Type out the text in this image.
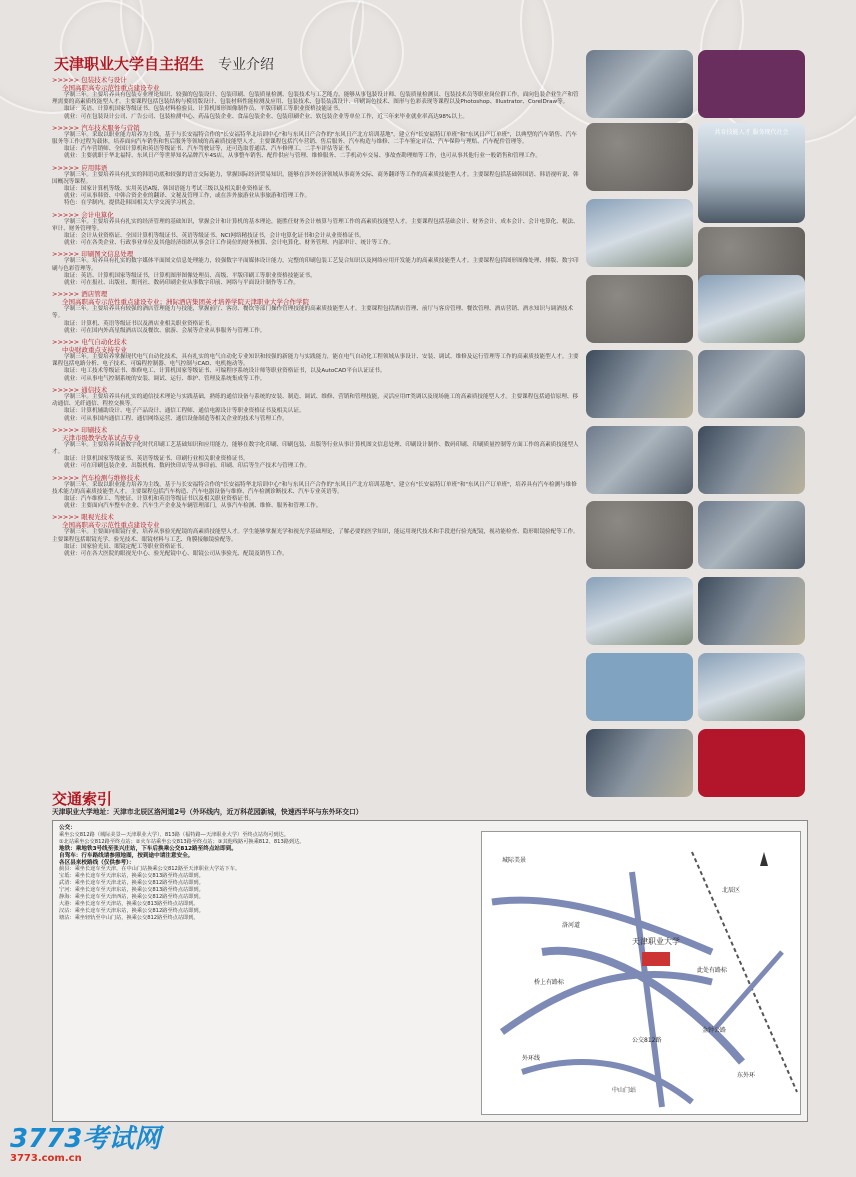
天津职业大学自主招生 专业介绍
>>>>> 包装技术与设计
全国高职高专示范性重点建设专业

学制三年。主要培养具有包装专业理论知识、较强的包装设计、包装印刷、包装质量检测、包装技术与工艺能力，能够从事包装设计师、包装质量检测员、包装技术员等职业岗位群工作，面向包装企业生产和管理需要的高素质技能型人才。主要课程包括包装结构与模切版设计、包装材料性能检测及应用、包装技术、包装装潢设计、印刷调色技术、图形与色彩表现等课程以及Photoshop、Illustrator、CorelDraw等。

取证：英语、计算机国家等级证书、包装材料检验员、计算机图形图像制作员、平版印刷工等职业资格技能证书。

就业：可在包装设计公司、广告公司、包装检测中心、药品包装企业、食品包装企业、包装印刷企业、软包装企业等单位工作，近三年来毕业就业率高达98%以上。

>>>>> 汽车技术服务与营销

学制三年。采取以职业能力培养为主线，基于与长安福特合作的"长安福特华北培训中心"和与东风日产合作的"东风日产北方培训基地"，建立有"长安福特订单班"和"东风日产订单班"，以典型的汽车销售、汽车服务等工作过程为载体，培养面向汽车销售和售后服务等领域的高素质技能型人才。主要课程包括汽车营销、售后服务、汽车构造与维修、二手车鉴定评估、汽车保险与理赔、汽车配件管理等。

取证：汽车营销师、全国计算机和英语等级证书、汽车驾驶证等，还可选取普通话、汽车修理工、二手车评估等证书。

就业：主要就职于华北福特、东风日产等世界知名品牌汽车4S店，从事整车销售、配件供应与管理、维修服务、二手机动车交易、事故查勘理赔等工作，也可从事其他行业一般销售和管理工作。

>>>>> 应用韩语

学制三年。主要培养具有扎实的韩语功底和较强的语言交际能力，掌握国际经济贸易知识，能够在涉外经济领域从事商务交际、商务翻译等工作的高素质技能型人才。主要课程包括基础韩国语、韩语视听说、韩国概况等课程。

取证：国家计算机等级、实用英语A级、韩国语能力考试三级以及相关职业资格证书。

就业：可从事韩资、中韩合资企业的翻译、文秘及管理工作，或在涉外旅游业从事旅游和管理工作。

特色：在学制内，提供赴韩国相关大学交流学习机会。

>>>>> 会计电算化

学制三年。主要培养具有扎实的经济管理的基础知识，掌握会计和计算机的基本理论，能胜任财务会计核算与管理工作的高素质技能型人才。主要课程包括基础会计、财务会计、成本会计、会计电算化、税法、审计、财务管理等。

取证：会计从业资格证、全国计算机等级证书、英语等级证书、NCI网络精技证书，会计电算化证书和会计从业资格证书。

就业：可在各类企业、行政事业单位及其他经济组织从事会计工作岗位的财务核算、会计电算化、财务管理、内部审计、统计等工作。

>>>>> 印刷图文信息处理

学制三年。培养具有扎实的数字媒体平面图文信息处理能力，较强数字平面媒体设计能力，完整的印刷包装工艺复合知识以及网络应用开发能力的高素质技能型人才。主要课程包括图形图像处理、排版、数字印刷与色彩管理等。

取证：英语、计算机国家等级证书，计算机图形图像处理员、高级、平版印刷工等职业资格技能证书。

就业：可在报社、出版社、期刊社、数码印刷企业从事数字印前、网络与平面设计制作等工作。

>>>>> 酒店管理
全国高职高专示范性重点建设专业；洲际酒店集团英才培养学院天津职业大学合作学院

学制三年。主要培养具有较强的酒店管理能力与技能，掌握前厅、客房、餐饮等部门操作管理技能的高素质技能型人才。主要课程包括酒店管理、前厅与客房管理、餐饮管理、酒店营销、酒水知识与调酒技术等。

取证：计算机、英语等级证书以及酒店业相关职业资格证书。

就业：可在国内外高星级酒店以及餐饮、旅游、会展等企业从事服务与管理工作。

>>>>> 电气自动化技术
中央财政重点支持专业

学制三年。主要培养掌握现代电气自动化技术，具有扎实的电气自动化专业知识和较强的新能力与实践能力，能在电气自动化工程领域从事设计、安装、调试、维修及运行管理等工作的高素质技能型人才。主要课程包括电路分析、电子技术、可编程控制器、电气控制与CAD、电机拖动等。

取证：电工技术等级证书、维修电工、计算机国家等级证书、可编程序系统设计师等职业资格证书，以及AutoCAD平台认证证书。

就业：可从事电气控制系统的安装、调试、运行、维护、管理及系统集成等工作。

>>>>> 通信技术

学制三年。主要培养具有扎实的通信技术理论与实践基础，熟练的通信设备与系统的安装、制造、调试、维修、营销和管理技能，灵活应用IT类调以及现场施工的高素质技能型人才。主要课程包括通信原理、移动通信、光纤通信、程控交换等。

取证：计算机辅助设计、电子产品设计、通信工程师、通信电源设计等职业资格证书及相关认证。

就业：可从事国内通信工程、通信网络运营、通信设备制造等相关企业的技术与管理工作。

>>>>> 印刷技术
天津市级教学改革试点专业

学制三年。主要培养具备数字化时代印刷工艺基础知识和应用能力，能够在数字化印刷、印刷包装、出版等行业从事计算机图文信息处理、印刷设计制作、数码印刷、印刷质量控制等方面工作的高素质技能型人才。

取证：计算机国家等级证书、英语等级证书、印刷行业相关职业资格证书。

就业：可在印刷包装企业、出版机构、数码快印店等从事印前、印刷、印后等生产技术与管理工作。

>>>>> 汽车检测与维修技术

学制三年。采取以职业能力培养为主线，基于与长安福特合作的"长安福特华北培训中心"和与东风日产合作的"东风日产北方培训基地"，建立有"长安福特订单班"和"东风日产订单班"，培养具有汽车检测与维修技术能力的高素质技能型人才。主要课程包括汽车构造、汽车电器设备与维修、汽车检测诊断技术、汽车专业英语等。

取证：汽车维修工、驾驶证、计算机和英语等级证书以及相关职业资格证书。

就业：主要面向汽车整车企业、汽车生产企业及车辆管理部门，从事汽车检测、维修、服务和管理工作。

>>>>> 眼视光技术
全国高职高专示范性重点建设专业

学制三年。主要面向眼镜行业，培养从事验光配镜的高素质技能型人才。学生能够掌握光学和视光学基础理论，了解必要的医学知识，能运用现代技术和手段进行验光配镜，视功能检查、隐形眼镜验配等工作。主要课程包括眼镜光学、验光技术、眼镜材料与工艺、角膜接触镜验配等。

取证：国家验光员、眼镜定配工等职业资格证书。

就业：可在各大医院的眼视光中心、验光配镜中心、眼镜公司从事验光、配镜及销售工作。

共育技能人才 服务现代社会
交通索引
天津职业大学地址：天津市北辰区洛河道2号（外环线内，近万科花园新城，快速西半环与东外环交口）

公交：

乘坐公交812路（城际美景—天津职业大学）、813路（福特路—天津职业大学）至终点站均可到达。

①北站乘坐公交812路至终点站；②火车站乘坐公交813路至终点站；③其他线路可换乘812、813路到达。

地铁：乘地铁3号线至张兴庄站，下车后换乘公交812路至终点站即到。

自驾车：行车路线请参照地图，按到途中请注意安全。

各区县来校路线（仅供参考）：

蓟县：乘坐长途车至天津，在中山门站换乘公交812路至天津职业大学站下车。

宝坻：乘坐长途车至天津东站，换乘公交813路至终点站即到。

武清：乘坐长途车至天津北站，换乘公交812路至终点站即到。

宁河：乘坐长途车至天津东站，换乘公交813路至终点站即到。

静海：乘坐长途车至天津西站，换乘公交812路至终点站即到。

大港：乘坐长途车至天津站，换乘公交813路至终点站即到。

汉沽：乘坐长途车至天津东站，换乘公交812路至终点站即到。

塘沽：乘坐轻轨至中山门站，换乘公交812路至终点站即到。

天津职业大学
桥上有路标
此处有路标
洛河道
外环线
北辰区
金钟公路
东外环
公交812路
城际美景
中山门站
3773考试网
3773.com.cn
